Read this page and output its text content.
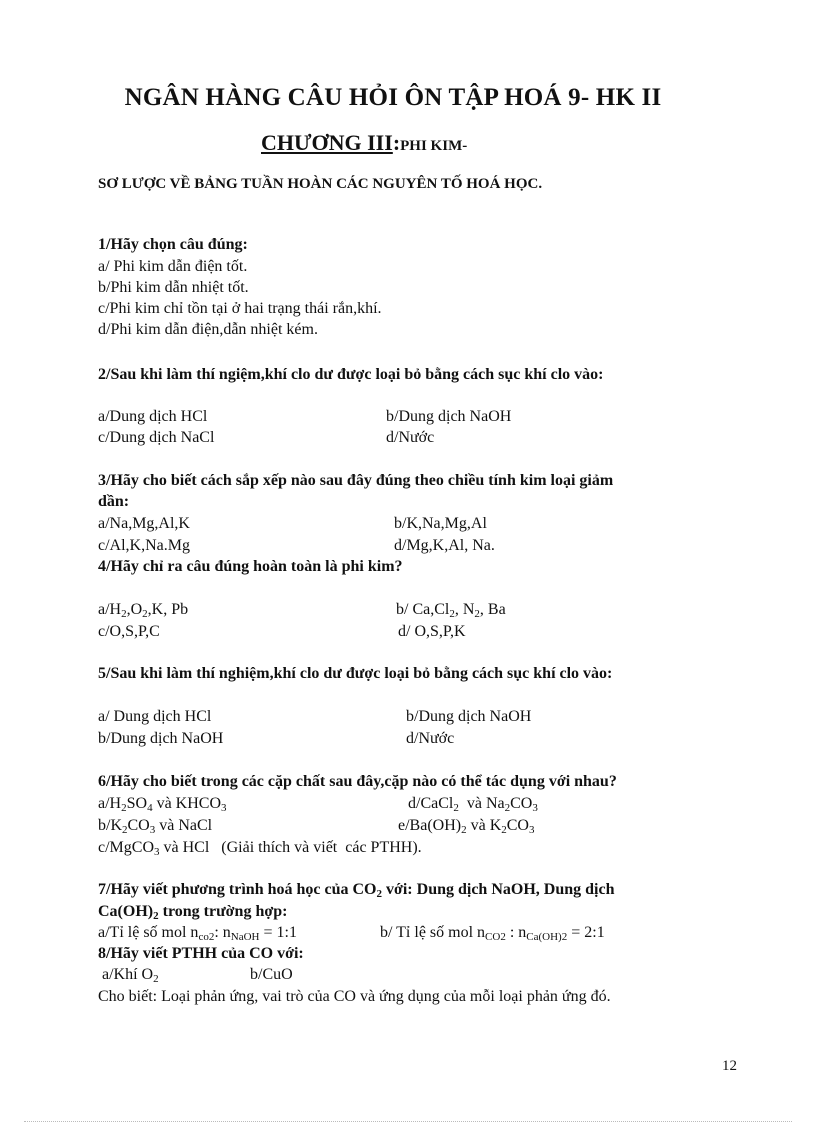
NGÂN HÀNG CÂU HỎI ÔN TẬP HOÁ 9- HK II
CHƯƠNG III:PHI KIM-
SƠ LƯỢC VỀ BẢNG TUẦN HOÀN CÁC NGUYÊN TỐ HOÁ HỌC.
1/Hãy chọn câu đúng:
a/ Phi kim dẫn điện tốt.
b/Phi kim dẫn nhiệt tốt.
c/Phi kim chỉ tồn tại ở hai trạng thái rắn,khí.
d/Phi kim dẫn điện,dẫn nhiệt kém.
2/Sau khi làm thí ngiệm,khí clo dư được loại bỏ bằng cách sục khí clo vào:
a/Dung dịch HCl	b/Dung dịch NaOH
c/Dung dịch NaCl	d/Nước
3/Hãy cho biết cách sắp xếp nào sau đây đúng theo chiều tính kim loại giảm
dần:
a/Na,Mg,Al,K	b/K,Na,Mg,Al
c/Al,K,Na.Mg	d/Mg,K,Al, Na.
4/Hãy chỉ ra câu đúng hoàn toàn là phi kim?
$a/H_2,O_2,K$, Pb	b/ $Ca,Cl_2$, $N_2$, Ba
c/O,S,P,C	d/ O,S,P,K
5/Sau khi làm thí nghiệm,khí clo dư được loại bỏ bằng cách sục khí clo vào:
a/ Dung dịch HCl	b/Dung dịch NaOH
b/Dung dịch NaOH	d/Nước
6/Hãy cho biết trong các cặp chất sau đây,cặp nào có thể tác dụng với nhau?
$a/H_2SO_4$ và $KHCO_3$	d/CaCl$_2$  và $Na_2CO_3$
$b/K_2CO_3$ và NaCl	$e/Ba(OH)_2$ và $K_2CO_3$
c/MgCO$_3$ và HCl   (Giải thích và viết  các PTHH).
7/Hãy viết phương trình hoá học của $CO_2$ với: Dung dịch NaOH, Dung dịch
$Ca(OH)_2$ trong trường hợp:
a/Tỉ lệ số mol $n_{co2}$: $n_{NaOH}$ = 1:1	b/ Tỉ lệ số mol $n_{CO2}$ : $n_{Ca(OH)2}$ = 2:1
8/Hãy viết PTHH của CO với:
a/Khí $O_2$	b/CuO
Cho biết: Loại phản ứng, vai trò của CO và ứng dụng của mỗi loại phản ứng đó.
12
